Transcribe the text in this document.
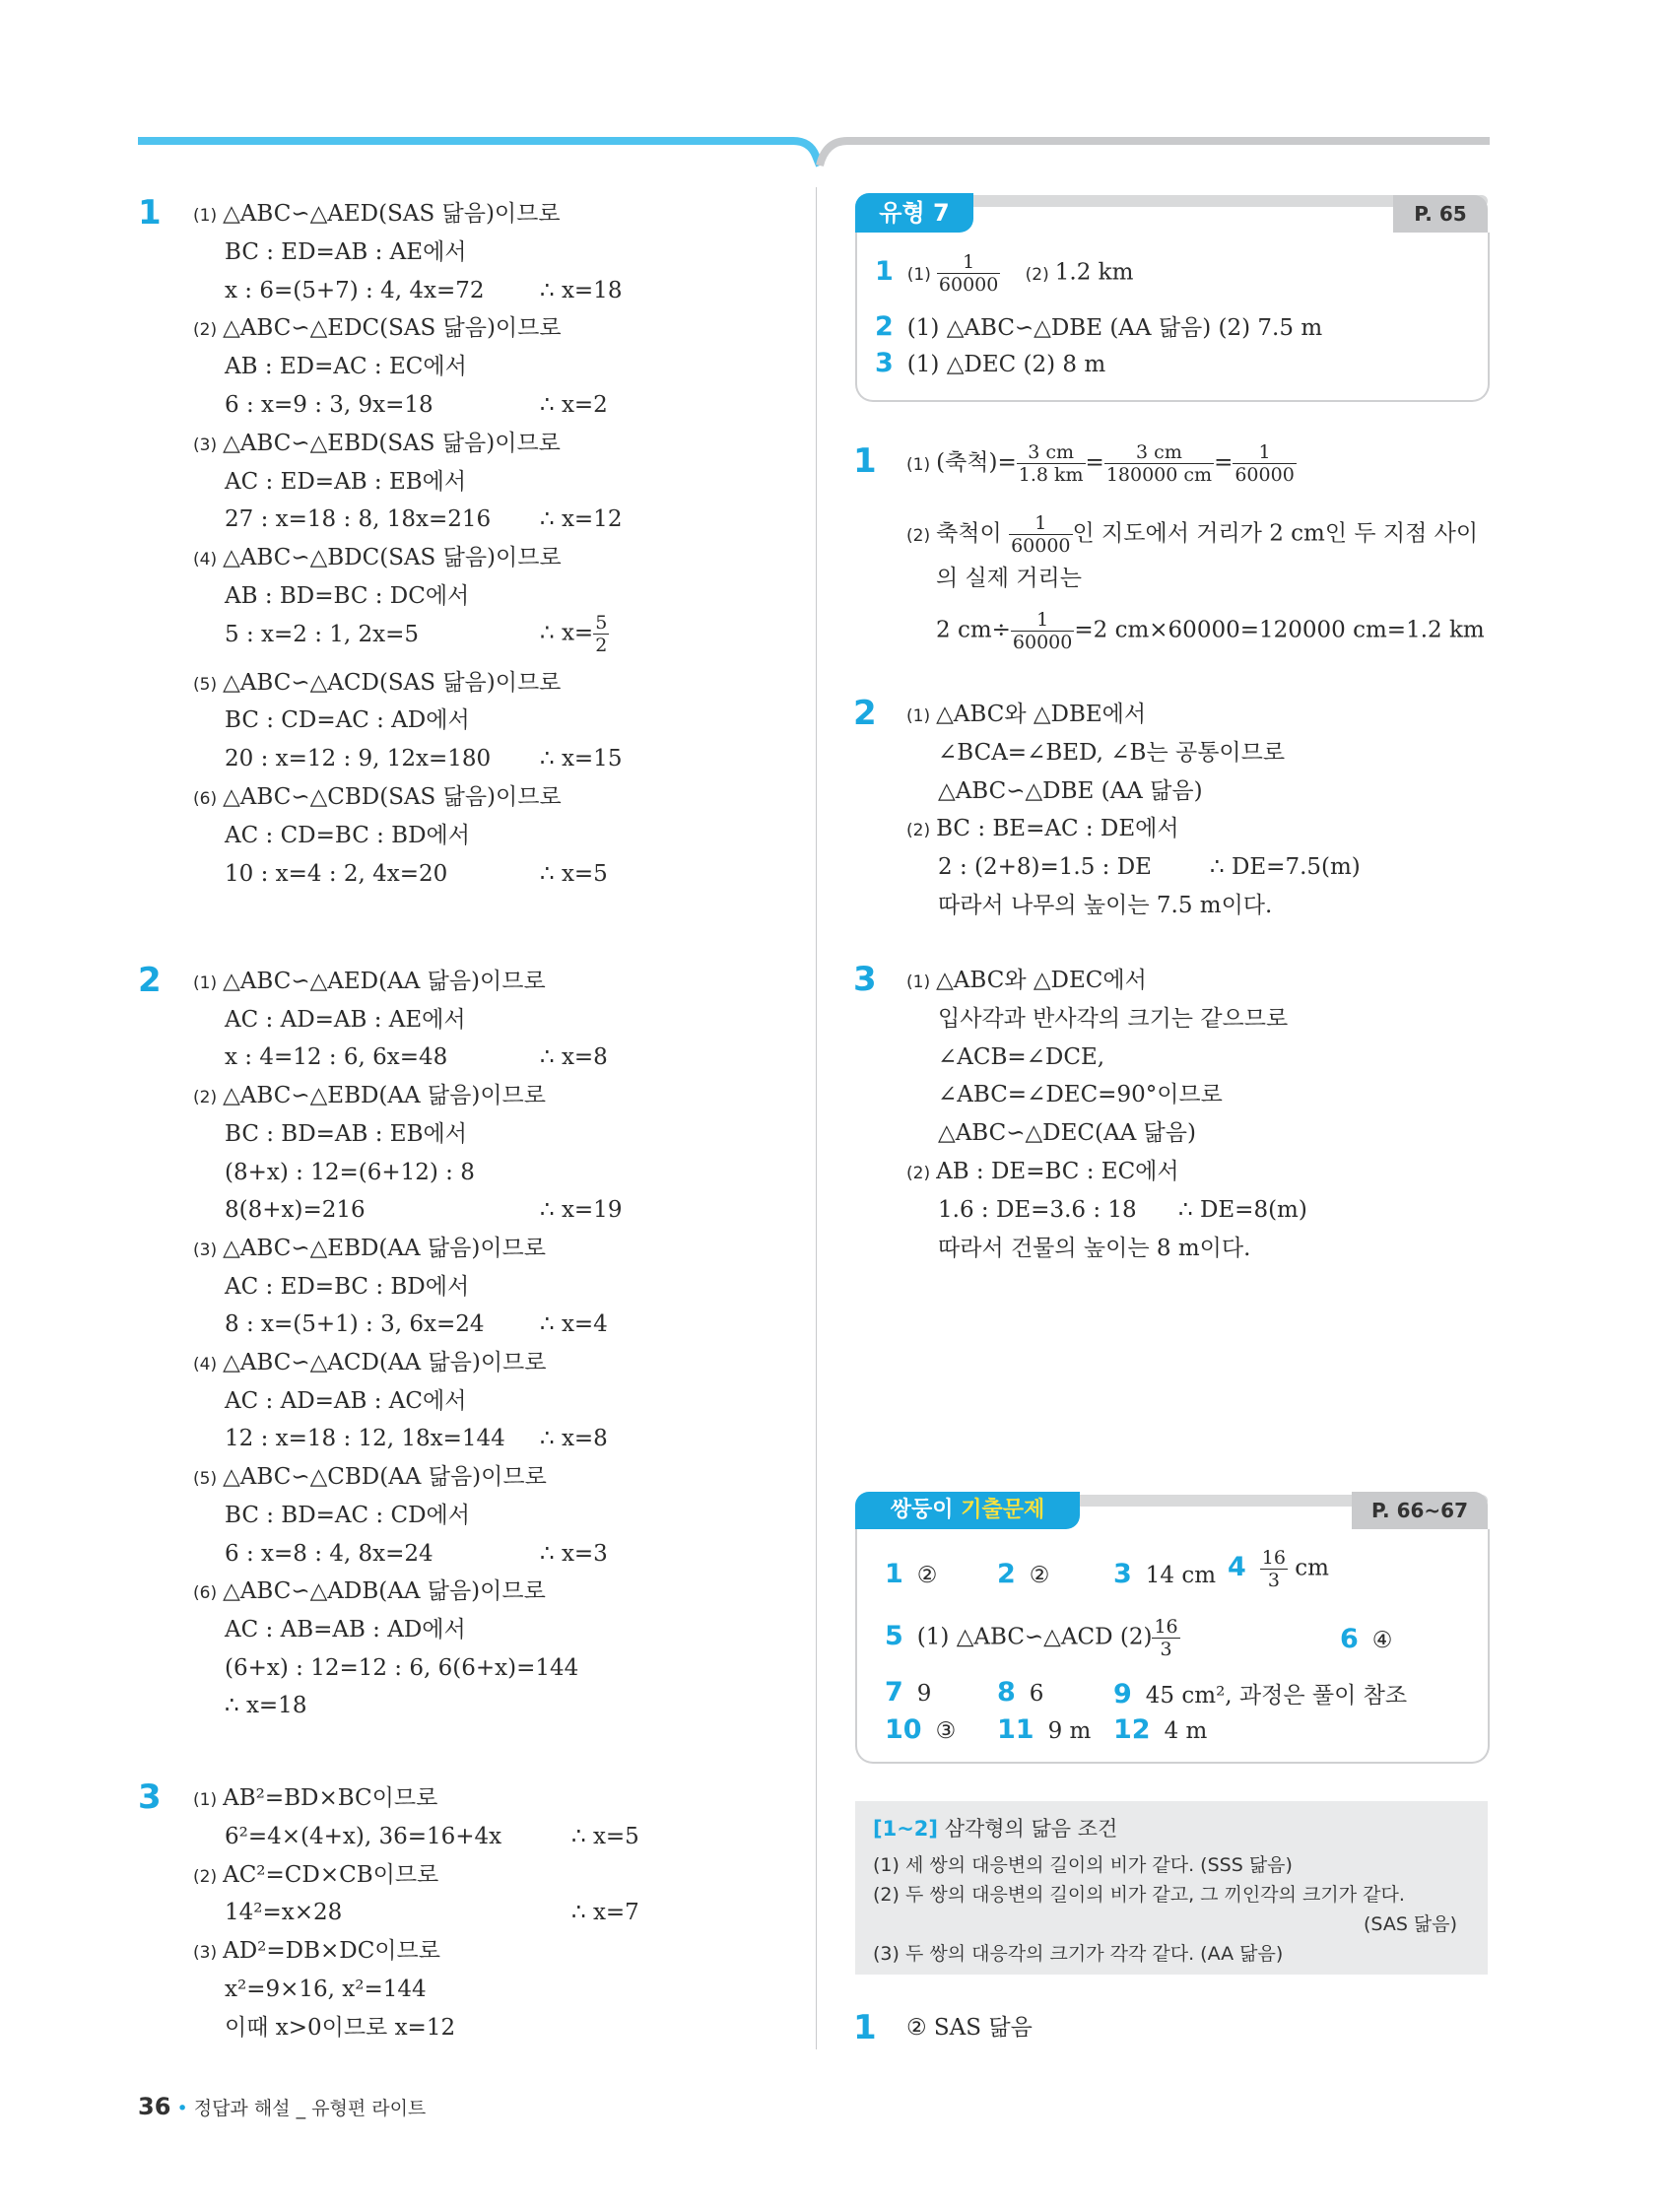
1 (1) △ABC∽△AED(SAS 닮음)이므로
BC : ED=AB : AE에서
x : 6=(5+7) : 4, 4x=72 ∴ x=18
(2) △ABC∽△EDC(SAS 닮음)이므로
AB : ED=AC : EC에서
6 : x=9 : 3, 9x=18	∴ x=2
(3) △ABC∽△EBD(SAS 닮음)이므로
AC : ED=AB : EB에서
27 : x=18 : 8, 18x=216 ∴ x=12
(4) △ABC∽△BDC(SAS 닮음)이므로
AB : BD=BC : DC에서
5 : x=2 : 1, 2x=5	∴ $x= \frac{5}{2}$
(5) △ABC∽△ACD(SAS 닮음)이므로
BC : CD=AC : AD에서
20 : x=12 : 9, 12x=180 ∴ x=15
(6) △ABC∽△CBD(SAS 닮음)이므로
AC : CD=BC : BD에서
10 : x=4 : 2, 4x=20	∴ x=5
2 (1) △ABC∽△AED(AA 닮음)이므로
AC : AD=AB : AE에서
x : 4=12 : 6, 6x=48	∴ x=8
(2) △ABC∽△EBD(AA 닮음)이므로
BC : BD=AB : EB에서
(8+x) : 12=(6+12) : 8
8(8+x)=216	∴ x=19
(3) △ABC∽△EBD(AA 닮음)이므로
AC : ED=BC : BD에서
8 : x=(5+1) : 3, 6x=24 ∴ x=4
(4) △ABC∽△ACD(AA 닮음)이므로
AC : AD=AB : AC에서
12 : x=18 : 12, 18x=144 ∴ x=8
(5) △ABC∽△CBD(AA 닮음)이므로
BC : BD=AC : CD에서
6 : x=8 : 4, 8x=24	∴ x=3
(6) △ABC∽△ADB(AA 닮음)이므로
AC : AB=AB : AD에서
(6+x) : 12=12 : 6, 6(6+x)=144
∴ x=18
3 (1) AB²=BD×BC이므로
6²=4×(4+x), 36=16+4x	∴ x=5
(2) AC²=CD×CB이므로
14²=x×28	∴ x=7
(3) AD²=DB×DC이므로
x²=9×16, x²=144
이때 x>0이므로 x=12
유형 7	P. 65
1 $(1) \frac{1}{60000} (2)$ 1.2 km
2 (1) △ABC∽△DBE (AA 닮음) (2) 7.5 m
3 (1) △DEC (2) 8 m
1 (1) (축척)= $\frac{3 cm}{1.8 km} = \frac{3 cm}{180000 cm} = \frac{1}{60000}$
(2) 축척이 $\frac{1}{60000}$ 인 지도에서 거리가 2 cm인 두 지점 사이
의 실제 거리는
2 $cm\div \frac{1}{60000} =2$ cm×60000=120000 cm=1.2 km
2 (1) △ABC와 △DBE에서
∠BCA=∠BED, ∠B는 공통이므로
△ABC∽△DBE (AA 닮음)
(2) BC : BE=AC : DE에서
2 : (2+8)=1.5 : DE	∴ DE=7.5(m)
따라서 나무의 높이는 7.5 m이다.
3 (1) △ABC와 △DEC에서
입사각과 반사각의 크기는 같으므로
∠ACB=∠DCE,
∠ABC=∠DEC=90°이므로
△ABC∽△DEC(AA 닮음)
(2) AB : DE=BC : EC에서
1.6 : DE=3.6 : 18 ∴ DE=8(m)
따라서 건물의 높이는 8 m이다.
쌍둥이 기출문제	P. 66~67
1 ② 2 ② 3 14 cm $4 \frac{16}{3}$ cm
5 (1) △ABC∽△ACD $(2) \frac{16}{3}$	6 ④
7 9 8 6	9 45 cm², 과정은 풀이 참조
10 ③ 11 9 m 12 4 m
[1~2] 삼각형의 닮음 조건
(1) 세 쌍의 대응변의 길이의 비가 같다. (SSS 닮음)
(2) 두 쌍의 대응변의 길이의 비가 같고, 그 끼인각의 크기가 같다.
(SAS 닮음)
(3) 두 쌍의 대응각의 크기가 각각 같다. (AA 닮음)
1 ② SAS 닮음
36 • 정답과 해설 _ 유형편 라이트
